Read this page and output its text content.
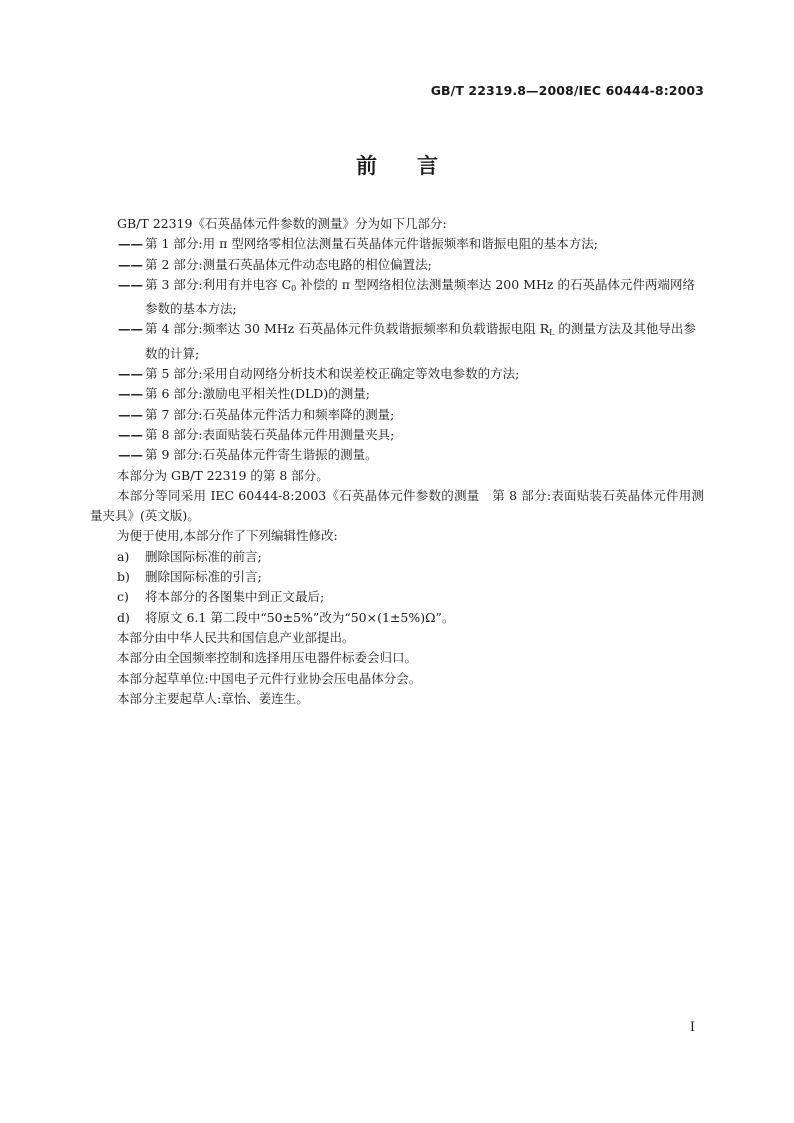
GB/T 22319.8—2008/IEC 60444-8:2003
前言

GB/T 22319《石英晶体元件参数的测量》分为如下几部分:

—— 第 1 部分:用 π 型网络零相位法测量石英晶体元件谐振频率和谐振电阻的基本方法;

—— 第 2 部分:测量石英晶体元件动态电路的相位偏置法;

—— 第 3 部分:利用有并电容 $C_0$ 补偿的 π 型网络相位法测量频率达 200 MHz 的石英晶体元件两端网络参数的基本方法;

—— 第 4 部分:频率达 30 MHz 石英晶体元件负载谐振频率和负载谐振电阻 $R_L$ 的测量方法及其他导出参数的计算;

—— 第 5 部分:采用自动网络分析技术和误差校正确定等效电参数的方法;

—— 第 6 部分:激励电平相关性(DLD)的测量;

—— 第 7 部分:石英晶体元件活力和频率降的测量;

—— 第 8 部分:表面贴装石英晶体元件用测量夹具;

—— 第 9 部分:石英晶体元件寄生谐振的测量。

本部分为 GB/T 22319 的第 8 部分。

本部分等同采用 IEC 60444-8:2003《石英晶体元件参数的测量　第 8 部分:表面贴装石英晶体元件用测量夹具》(英文版)。

为便于使用,本部分作了下列编辑性修改:

a) 删除国际标准的前言;

b) 删除国际标准的引言;

c) 将本部分的各图集中到正文最后;

d) 将原文 6.1 第二段中“50±5%”改为“50×(1±5%)Ω”。

本部分由中华人民共和国信息产业部提出。

本部分由全国频率控制和选择用压电器件标委会归口。

本部分起草单位:中国电子元件行业协会压电晶体分会。

本部分主要起草人:章怡、姜连生。

I
